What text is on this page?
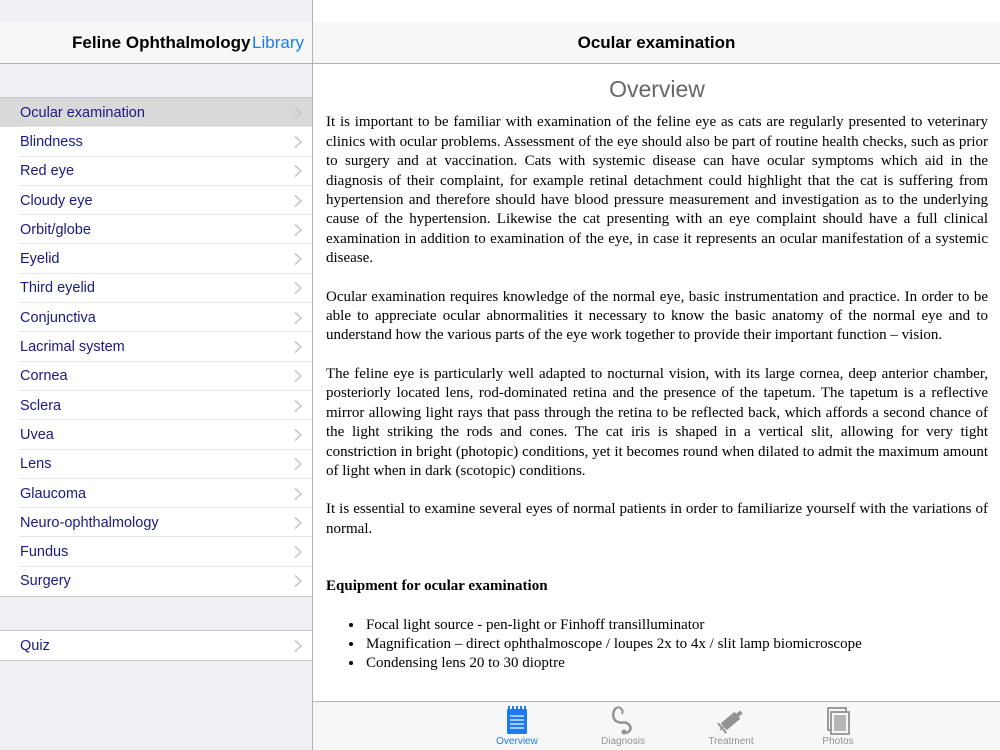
Feline Ophthalmology Library
Ocular examination
Blindness
Red eye
Cloudy eye
Orbit/globe
Eyelid
Third eyelid
Conjunctiva
Lacrimal system
Cornea
Sclera
Uvea
Lens
Glaucoma
Neuro-ophthalmology
Fundus
Surgery
Quiz
Ocular examination
Overview

It is important to be familiar with examination of the feline eye as cats are regularly presented to veterinary clinics with ocular problems. Assessment of the eye should also be part of routine health checks, such as prior to surgery and at vaccination. Cats with systemic disease can have ocular symptoms which aid in the diagnosis of their complaint, for example retinal detachment could highlight that the cat is suffering from hypertension and therefore should have blood pressure measurement and investigation as to the underlying cause of the hypertension. Likewise the cat presenting with an eye complaint should have a full clinical examination in addition to examination of the eye, in case it represents an ocular manifestation of a systemic disease.

Ocular examination requires knowledge of the normal eye, basic instrumentation and practice. In order to be able to appreciate ocular abnormalities it necessary to know the basic anatomy of the normal eye and to understand how the various parts of the eye work together to provide their important function – vision.

The feline eye is particularly well adapted to nocturnal vision, with its large cornea, deep anterior chamber, posteriorly located lens, rod-dominated retina and the presence of the tapetum. The tapetum is a reflective mirror allowing light rays that pass through the retina to be reflected back, which affords a second chance of the light striking the rods and cones. The cat iris is shaped in a vertical slit, allowing for very tight constriction in bright (photopic) conditions, yet it becomes round when dilated to admit the maximum amount of light when in dark (scotopic) conditions.

It is essential to examine several eyes of normal patients in order to familiarize yourself with the variations of normal.

Equipment for ocular examination
• Focal light source - pen-light or Finhoff transilluminator
• Magnification – direct ophthalmoscope / loupes 2x to 4x / slit lamp biomicroscope
• Condensing lens 20 to 30 dioptre
Overview	Diagnosis	Treatment	Photos
